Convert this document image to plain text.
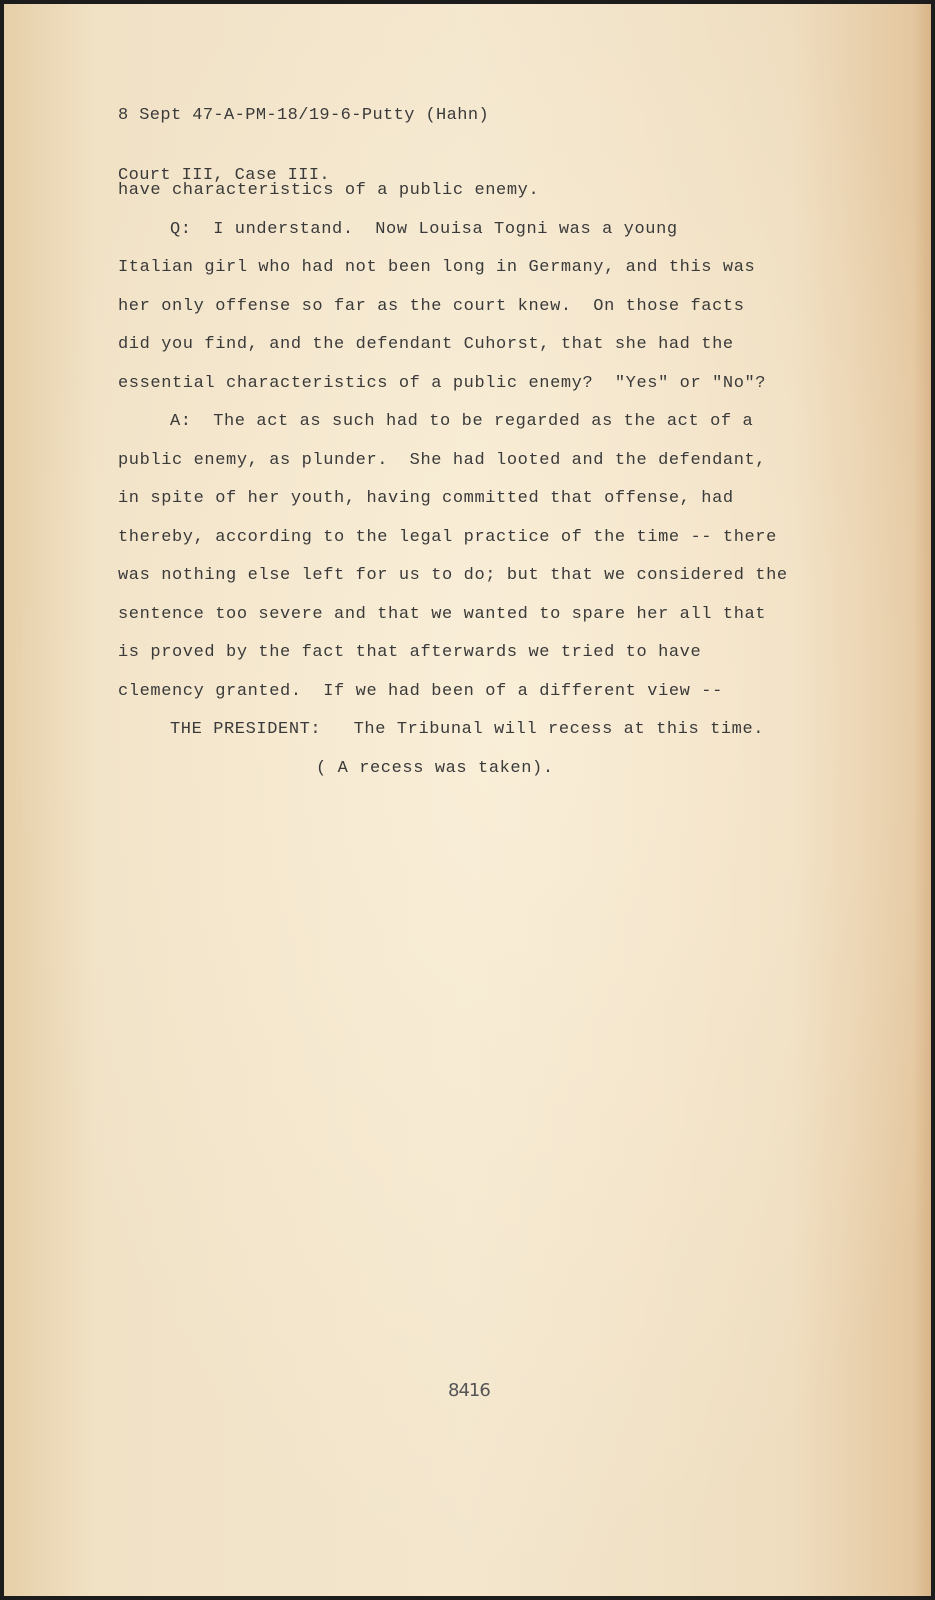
8 Sept 47-A-PM-18/19-6-Putty (Hahn)

Court III, Case III.

have characteristics of a public enemy.
Q:  I understand.  Now Louisa Togni was a young
Italian girl who had not been long in Germany, and this was
her only offense so far as the court knew.  On those facts
did you find, and the defendant Cuhorst, that she had the
essential characteristics of a public enemy?  "Yes" or "No"?
A:  The act as such had to be regarded as the act of a
public enemy, as plunder.  She had looted and the defendant,
in spite of her youth, having committed that offense, had
thereby, according to the legal practice of the time -- there
was nothing else left for us to do; but that we considered the
sentence too severe and that we wanted to spare her all that
is proved by the fact that afterwards we tried to have
clemency granted.  If we had been of a different view --
THE PRESIDENT:   The Tribunal will recess at this time.
( A recess was taken).
8416
